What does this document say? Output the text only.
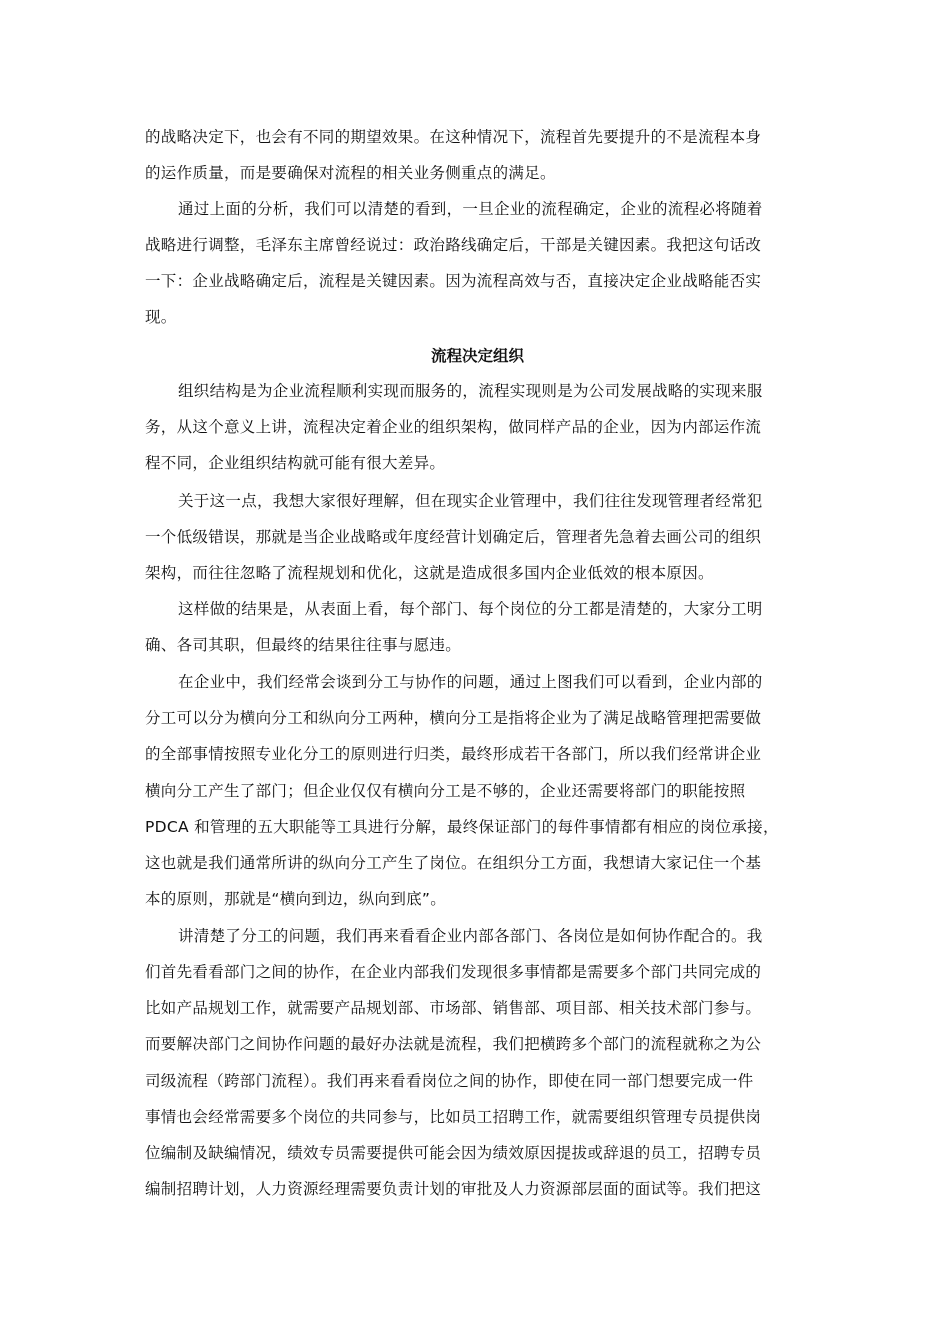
的战略决定下，也会有不同的期望效果。在这种情况下，流程首先要提升的不是流程本身
的运作质量，而是要确保对流程的相关业务侧重点的满足。
通过上面的分析，我们可以清楚的看到，一旦企业的流程确定，企业的流程必将随着
战略进行调整，毛泽东主席曾经说过：政治路线确定后，干部是关键因素。我把这句话改
一下：企业战略确定后，流程是关键因素。因为流程高效与否，直接决定企业战略能否实
现。
流程决定组织
组织结构是为企业流程顺利实现而服务的，流程实现则是为公司发展战略的实现来服
务，从这个意义上讲，流程决定着企业的组织架构，做同样产品的企业，因为内部运作流
程不同，企业组织结构就可能有很大差异。
关于这一点，我想大家很好理解，但在现实企业管理中，我们往往发现管理者经常犯
一个低级错误，那就是当企业战略或年度经营计划确定后，管理者先急着去画公司的组织
架构，而往往忽略了流程规划和优化，这就是造成很多国内企业低效的根本原因。
这样做的结果是，从表面上看，每个部门、每个岗位的分工都是清楚的，大家分工明
确、各司其职，但最终的结果往往事与愿违。
在企业中，我们经常会谈到分工与协作的问题，通过上图我们可以看到，企业内部的
分工可以分为横向分工和纵向分工两种，横向分工是指将企业为了满足战略管理把需要做
的全部事情按照专业化分工的原则进行归类，最终形成若干各部门，所以我们经常讲企业
横向分工产生了部门；但企业仅仅有横向分工是不够的，企业还需要将部门的职能按照
PDCA 和管理的五大职能等工具进行分解，最终保证部门的每件事情都有相应的岗位承接，
这也就是我们通常所讲的纵向分工产生了岗位。在组织分工方面，我想请大家记住一个基
本的原则，那就是“横向到边，纵向到底”。
讲清楚了分工的问题，我们再来看看企业内部各部门、各岗位是如何协作配合的。我
们首先看看部门之间的协作，在企业内部我们发现很多事情都是需要多个部门共同完成的
比如产品规划工作，就需要产品规划部、市场部、销售部、项目部、相关技术部门参与。
而要解决部门之间协作问题的最好办法就是流程，我们把横跨多个部门的流程就称之为公
司级流程（跨部门流程）。我们再来看看岗位之间的协作，即使在同一部门想要完成一件
事情也会经常需要多个岗位的共同参与，比如员工招聘工作，就需要组织管理专员提供岗
位编制及缺编情况，绩效专员需要提供可能会因为绩效原因提拔或辞退的员工，招聘专员
编制招聘计划，人力资源经理需要负责计划的审批及人力资源部层面的面试等。我们把这
